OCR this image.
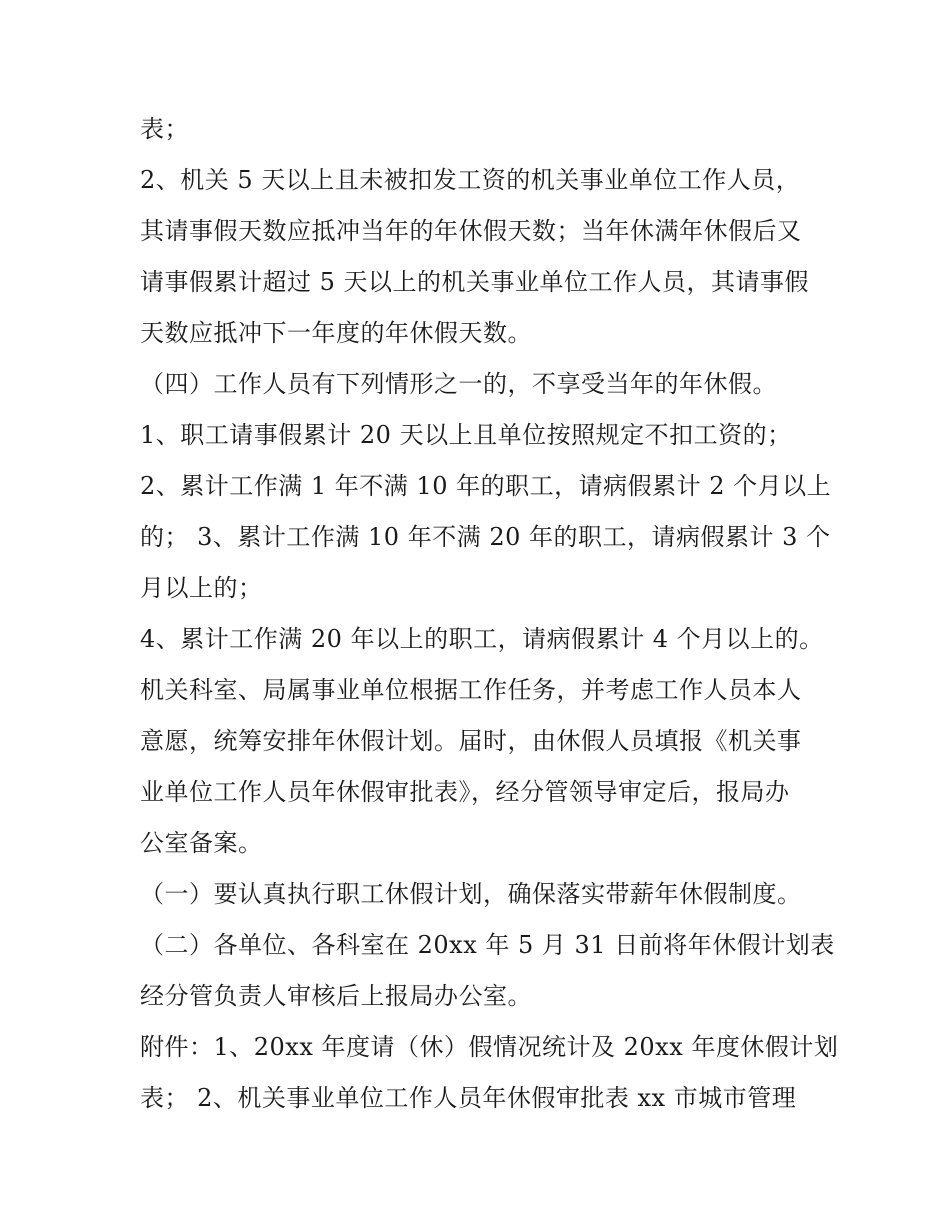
表；
2、机关 5 天以上且未被扣发工资的机关事业单位工作人员，
其请事假天数应抵冲当年的年休假天数；当年休满年休假后又
请事假累计超过 5 天以上的机关事业单位工作人员，其请事假
天数应抵冲下一年度的年休假天数。
（四）工作人员有下列情形之一的，不享受当年的年休假。
1、职工请事假累计 20 天以上且单位按照规定不扣工资的；
2、累计工作满 1 年不满 10 年的职工，请病假累计 2 个月以上
的； 3、累计工作满 10 年不满 20 年的职工，请病假累计 3 个
月以上的；
4、累计工作满 20 年以上的职工，请病假累计 4 个月以上的。
机关科室、局属事业单位根据工作任务，并考虑工作人员本人
意愿，统筹安排年休假计划。届时，由休假人员填报《机关事
业单位工作人员年休假审批表》，经分管领导审定后，报局办
公室备案。
（一）要认真执行职工休假计划，确保落实带薪年休假制度。
（二）各单位、各科室在 20xx 年 5 月 31 日前将年休假计划表
经分管负责人审核后上报局办公室。
附件：1、20xx 年度请（休）假情况统计及 20xx 年度休假计划
表； 2、机关事业单位工作人员年休假审批表 xx 市城市管理
